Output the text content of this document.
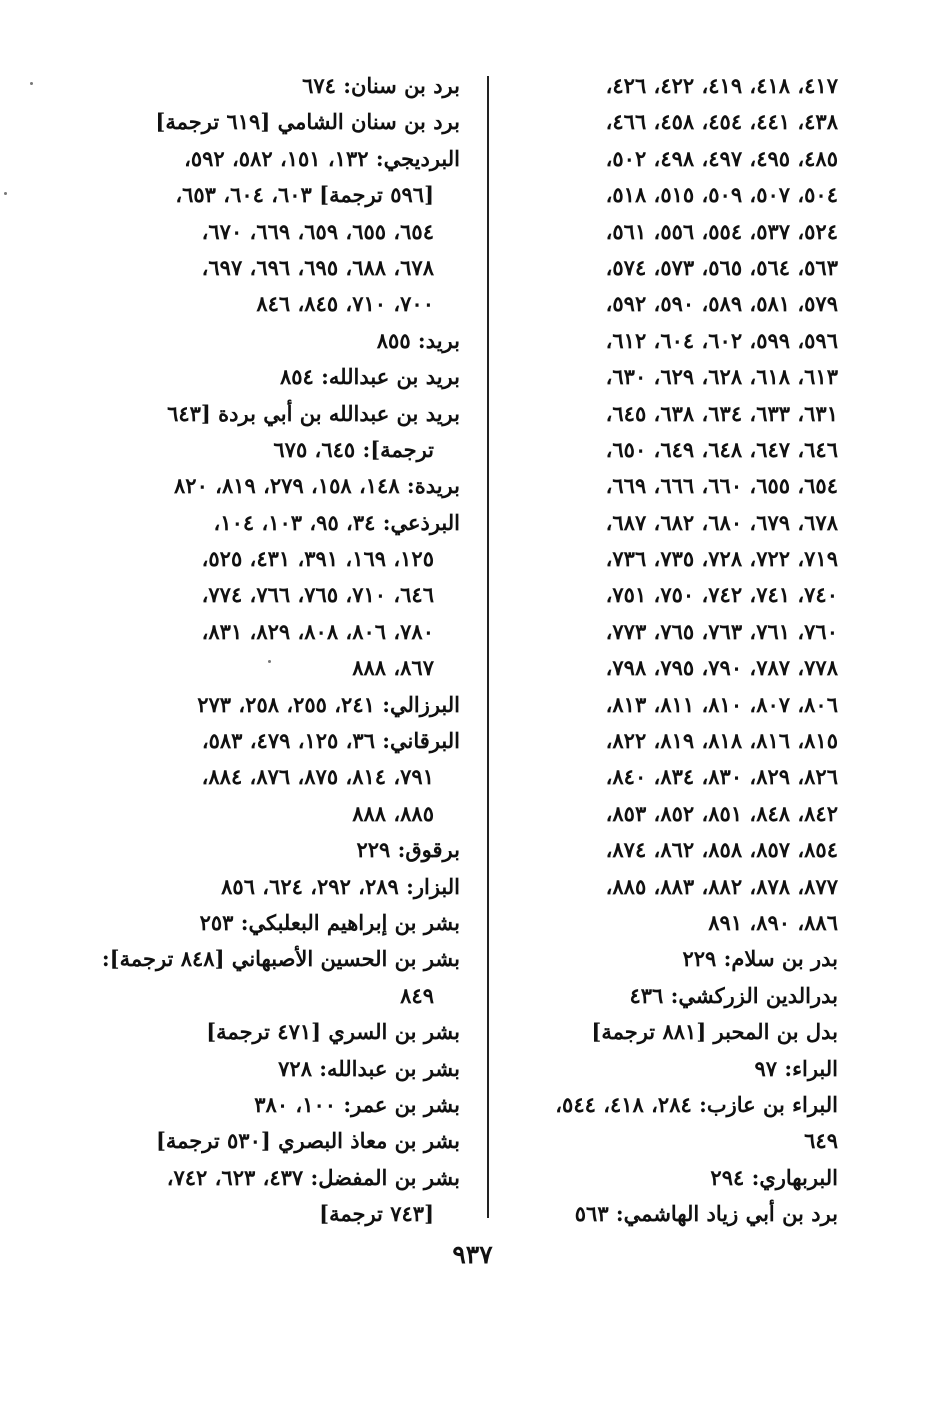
٤١٧، ٤١٨، ٤١٩، ٤٢٢، ٤٢٦،
٤٣٨، ٤٤١، ٤٥٤، ٤٥٨، ٤٦٦،
٤٨٥، ٤٩٥، ٤٩٧، ٤٩٨، ٥٠٢،
٥٠٤، ٥٠٧، ٥٠٩، ٥١٥، ٥١٨،
٥٢٤، ٥٣٧، ٥٥٤، ٥٥٦، ٥٦١،
٥٦٣، ٥٦٤، ٥٦٥، ٥٧٣، ٥٧٤،
٥٧٩، ٥٨١، ٥٨٩، ٥٩٠، ٥٩٢،
٥٩٦، ٥٩٩، ٦٠٢، ٦٠٤، ٦١٢،
٦١٣، ٦١٨، ٦٢٨، ٦٢٩، ٦٣٠،
٦٣١، ٦٣٣، ٦٣٤، ٦٣٨، ٦٤٥،
٦٤٦، ٦٤٧، ٦٤٨، ٦٤٩، ٦٥٠،
٦٥٤، ٦٥٥، ٦٦٠، ٦٦٦، ٦٦٩،
٦٧٨، ٦٧٩، ٦٨٠، ٦٨٢، ٦٨٧،
٧١٩، ٧٢٢، ٧٢٨، ٧٣٥، ٧٣٦،
٧٤٠، ٧٤١، ٧٤٢، ٧٥٠، ٧٥١،
٧٦٠، ٧٦١، ٧٦٣، ٧٦٥، ٧٧٣،
٧٧٨، ٧٨٧، ٧٩٠، ٧٩٥، ٧٩٨،
٨٠٦، ٨٠٧، ٨١٠، ٨١١، ٨١٣،
٨١٥، ٨١٦، ٨١٨، ٨١٩، ٨٢٢،
٨٢٦، ٨٢٩، ٨٣٠، ٨٣٤، ٨٤٠،
٨٤٢، ٨٤٨، ٨٥١، ٨٥٢، ٨٥٣،
٨٥٤، ٨٥٧، ٨٥٨، ٨٦٢، ٨٧٤،
٨٧٧، ٨٧٨، ٨٨٢، ٨٨٣، ٨٨٥،
٨٨٦، ٨٩٠، ٨٩١
بدر بن سلام: ٢٢٩
بدرالدين الزركشي: ٤٣٦
بدل بن المحبر [٨٨١ ترجمة]
البراء: ٩٧
البراء بن عازب: ٢٨٤، ٤١٨، ٥٤٤،
٦٤٩
البربهاري: ٢٩٤
برد بن أبي زياد الهاشمي: ٥٦٣
برد بن سنان: ٦٧٤
برد بن سنان الشامي [٦١٩ ترجمة]
البرديجي: ١٣٢، ١٥١، ٥٨٢، ٥٩٢،
[٥٩٦ ترجمة] ٦٠٣، ٦٠٤، ٦٥٣،
٦٥٤، ٦٥٥، ٦٥٩، ٦٦٩، ٦٧٠،
٦٧٨، ٦٨٨، ٦٩٥، ٦٩٦، ٦٩٧،
٧٠٠، ٧١٠، ٨٤٥، ٨٤٦
بريد: ٨٥٥
بريد بن عبدالله: ٨٥٤
بريد بن عبدالله بن أبي بردة [٦٤٣
ترجمة]: ٦٤٥، ٦٧٥
بريدة: ١٤٨، ١٥٨، ٢٧٩، ٨١٩، ٨٢٠
البرذعي: ٣٤، ٩٥، ١٠٣، ١٠٤،
١٢٥، ١٦٩، ٣٩١، ٤٣١، ٥٢٥،
٦٤٦، ٧١٠، ٧٦٥، ٧٦٦، ٧٧٤،
٧٨٠، ٨٠٦، ٨٠٨، ٨٢٩، ٨٣١،
٨٦٧، ٨٨٨
البرزالي: ٢٤١، ٢٥٥، ٢٥٨، ٢٧٣
البرقاني: ٣٦، ١٢٥، ٤٧٩، ٥٨٣،
٧٩١، ٨١٤، ٨٧٥، ٨٧٦، ٨٨٤،
٨٨٥، ٨٨٨
برقوق: ٢٢٩
البزار: ٢٨٩، ٢٩٢، ٦٢٤، ٨٥٦
بشر بن إبراهيم البعلبكي: ٢٥٣
بشر بن الحسين الأصبهاني [٨٤٨ ترجمة]:
٨٤٩
بشر بن السري [٤٧١ ترجمة]
بشر بن عبدالله: ٧٢٨
بشر بن عمر: ١٠٠، ٣٨٠
بشر بن معاذ البصري [٥٣٠ ترجمة]
بشر بن المفضل: ٤٣٧، ٦٢٣، ٧٤٢،
[٧٤٣ ترجمة]
٩٣٧
